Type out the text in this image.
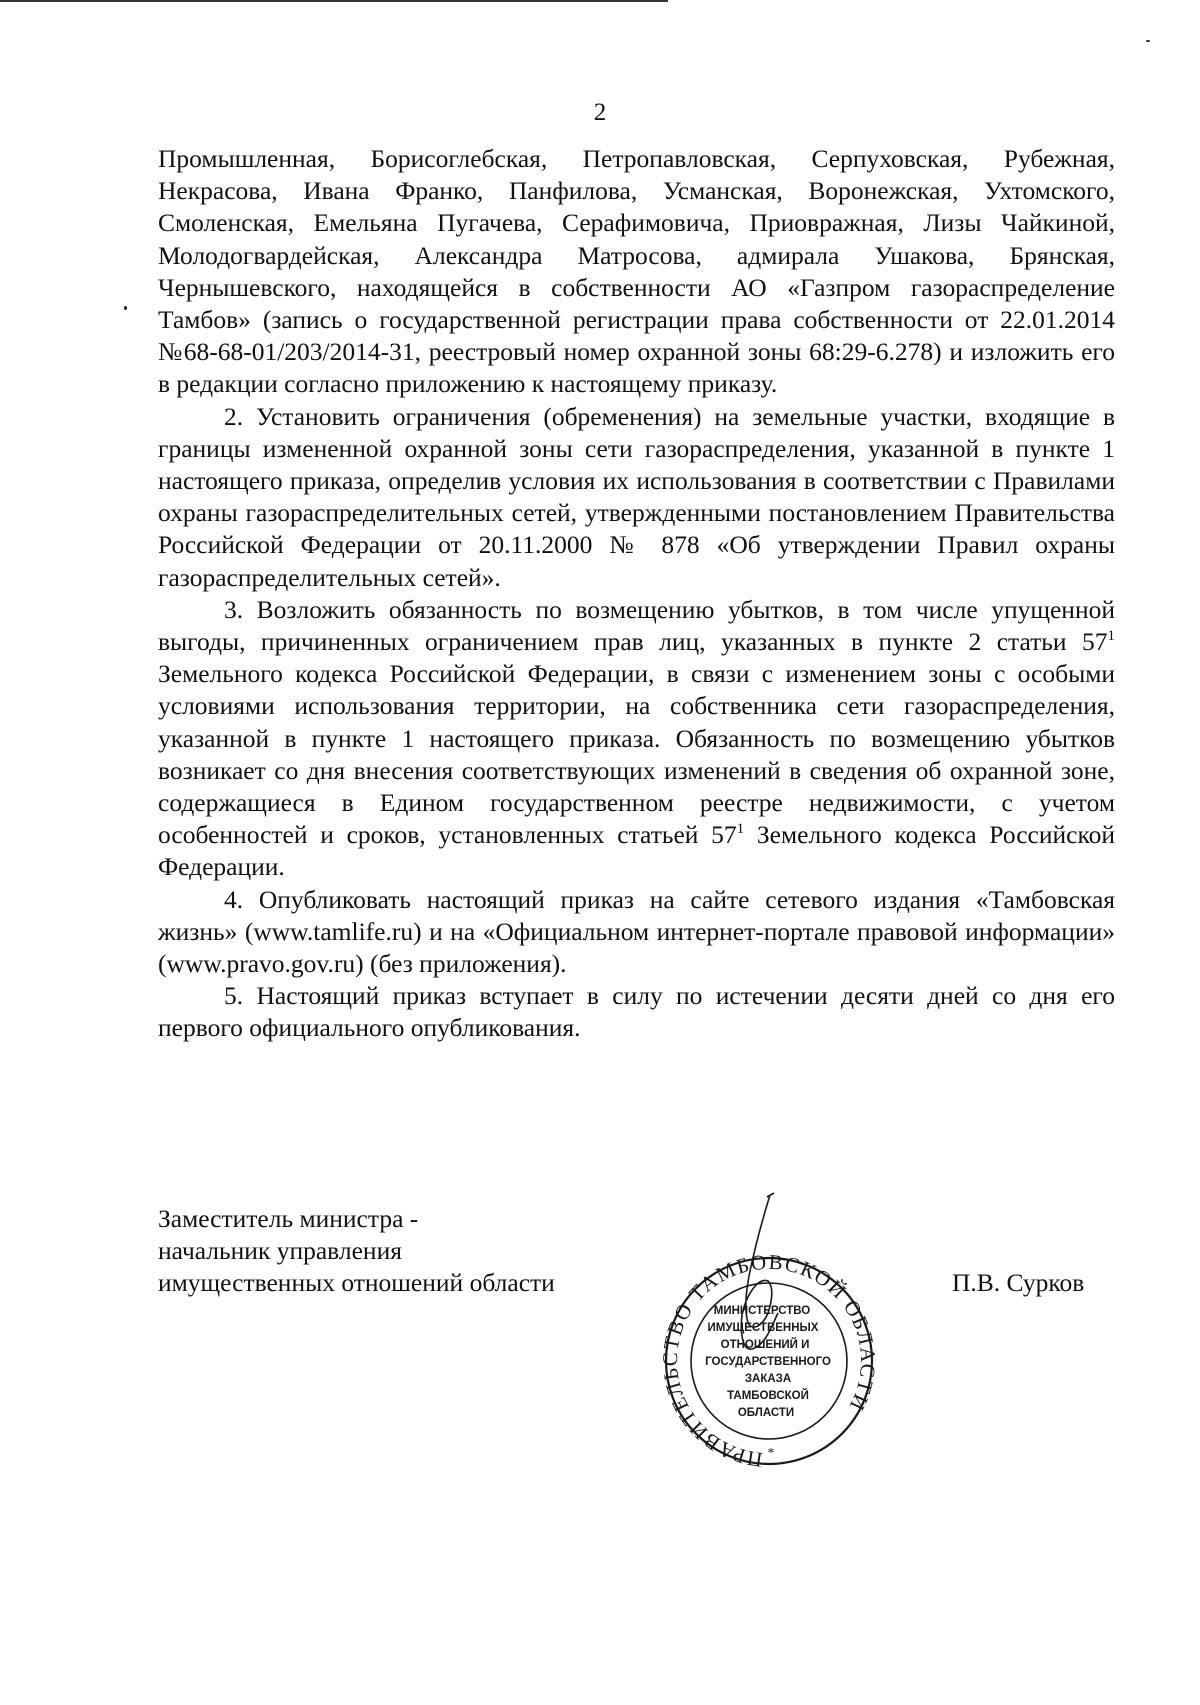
2

Промышленная, Борисоглебская, Петропавловская, Серпуховская, Рубежная, Некрасова, Ивана Франко, Панфилова, Усманская, Воронежская, Ухтомского, Смоленская, Емельяна Пугачева, Серафимовича, Приовражная, Лизы Чайкиной, Молодогвардейская, Александра Матросова, адмирала Ушакова, Брянская, Чернышевского, находящейся в собственности АО «Газпром газораспределение Тамбов» (запись о государственной регистрации права собственности от 22.01.2014 №68-68-01/203/2014-31, реестровый номер охранной зоны 68:29-6.278) и изложить его в редакции согласно приложению к настоящему приказу.

2. Установить ограничения (обременения) на земельные участки, входящие в границы измененной охранной зоны сети газораспределения, указанной в пункте 1 настоящего приказа, определив условия их использования в соответствии с Правилами охраны газораспределительных сетей, утвержденными постановлением Правительства Российской Федерации от 20.11.2000 № 878 «Об утверждении Правил охраны газораспределительных сетей».

3. Возложить обязанность по возмещению убытков, в том числе упущенной выгоды, причиненных ограничением прав лиц, указанных в пункте 2 статьи $57^1$ Земельного кодекса Российской Федерации, в связи с изменением зоны с особыми условиями использования территории, на собственника сети газораспределения, указанной в пункте 1 настоящего приказа. Обязанность по возмещению убытков возникает со дня внесения соответствующих изменений в сведения об охранной зоне, содержащиеся в Едином государственном реестре недвижимости, с учетом особенностей и сроков, установленных статьей $57^1$ Земельного кодекса Российской Федерации.

4. Опубликовать настоящий приказ на сайте сетевого издания «Тамбовская жизнь» (www.tamlife.ru) и на «Официальном интернет-портале правовой информации» (www.pravo.gov.ru) (без приложения).

5. Настоящий приказ вступает в силу по истечении десяти дней со дня его первого официального опубликования.

Заместитель министра -
начальник управления
имущественных отношений области
ПРАВИТЕЛЬСТВО ТАМБОВСКОЙ ОБЛАСТИ
МИНИСТЕРСТВО
ИМУЩЕСТВЕННЫХ
ОТНОШЕНИЙ И
ГОСУДАРСТВЕННОГО
ЗАКАЗА
ТАМБОВСКОЙ
ОБЛАСТИ
*
П.В. Сурков
